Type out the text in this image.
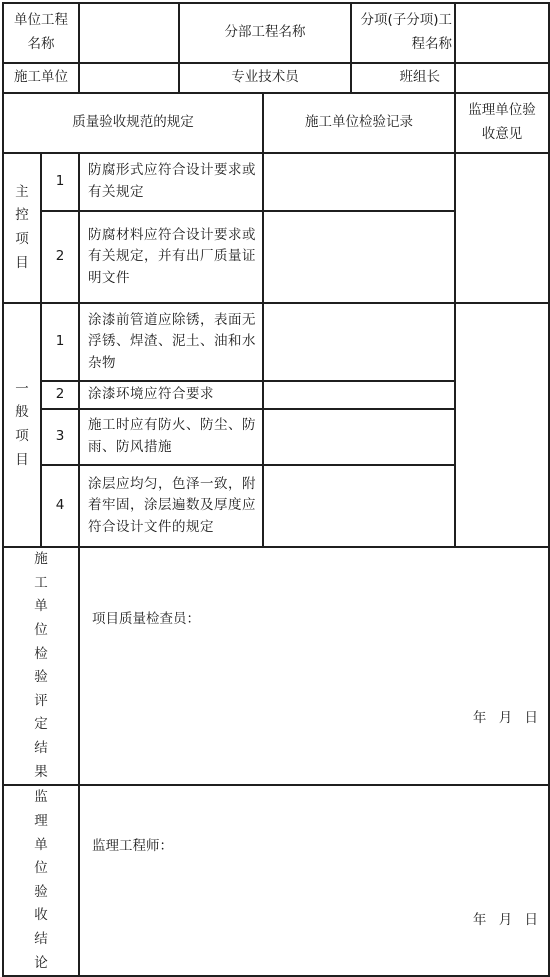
单位工程名称			分部工程名称		分项(子分项)工程名称	
施工单位			专业技术员		班组长	
质量验收规范的规定				施工单位检验记录		监理单位验收意见
主控项目	1	防腐形式应符合设计要求或有关规定				
	2	防腐材料应符合设计要求或有关规定，并有出厂质量证明文件				
一般项目	1	涂漆前管道应除锈，表面无浮锈、焊渣、泥土、油和水杂物				
	2	涂漆环境应符合要求				
	3	施工时应有防火、防尘、防雨、防风措施				
	4	涂层应均匀，色泽一致，附着牢固，涂层遍数及厚度应符合设计文件的规定				
施工单位检验评定结果		项目质量检查员：
年 月 日				

监理单位验收结论		监理工程师：
年 月 日				
